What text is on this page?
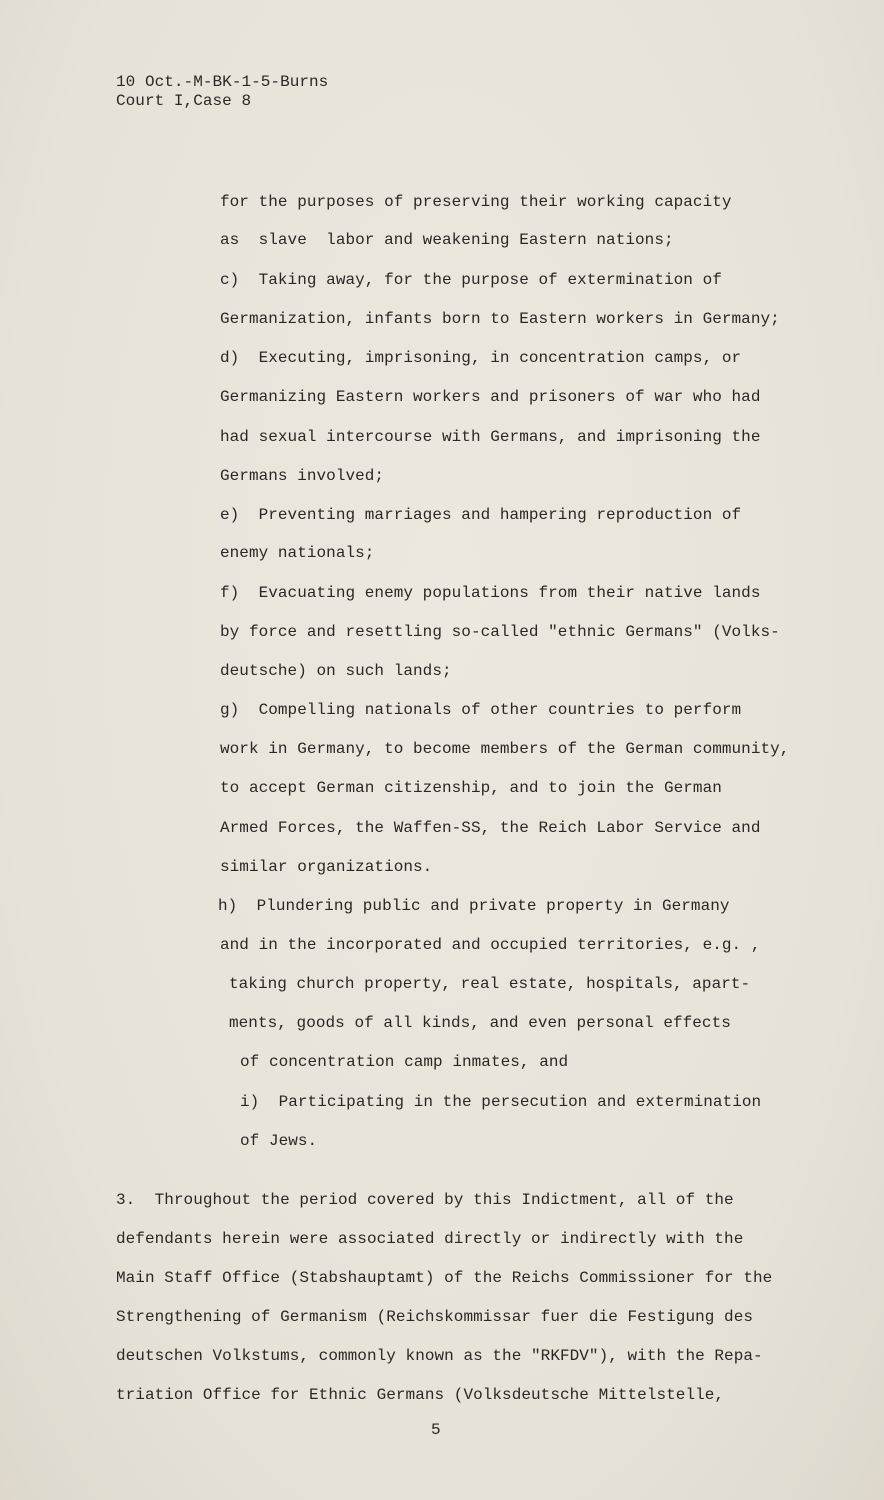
10 Oct.-M-BK-1-5-Burns
Court I,Case 8
for the purposes of preserving their working capacity
as  slave  labor and weakening Eastern nations;
c)  Taking away, for the purpose of extermination of
Germanization, infants born to Eastern workers in Germany;
d)  Executing, imprisoning, in concentration camps, or
Germanizing Eastern workers and prisoners of war who had
had sexual intercourse with Germans, and imprisoning the
Germans involved;
e)  Preventing marriages and hampering reproduction of
enemy nationals;
f)  Evacuating enemy populations from their native lands
by force and resettling so-called "ethnic Germans" (Volks-
deutsche) on such lands;
g)  Compelling nationals of other countries to perform
work in Germany, to become members of the German community,
to accept German citizenship, and to join the German
Armed Forces, the Waffen-SS, the Reich Labor Service and
similar organizations.
h)  Plundering public and private property in Germany
and in the incorporated and occupied territories, e.g. ,
taking church property, real estate, hospitals, apart-
ments, goods of all kinds, and even personal effects
of concentration camp inmates, and
i)  Participating in the persecution and extermination
of Jews.
3.  Throughout the period covered by this Indictment, all of the
defendants herein were associated directly or indirectly with the
Main Staff Office (Stabshauptamt) of the Reichs Commissioner for the
Strengthening of Germanism (Reichskommissar fuer die Festigung des
deutschen Volkstums, commonly known as the "RKFDV"), with the Repa-
triation Office for Ethnic Germans (Volksdeutsche Mittelstelle,
5
